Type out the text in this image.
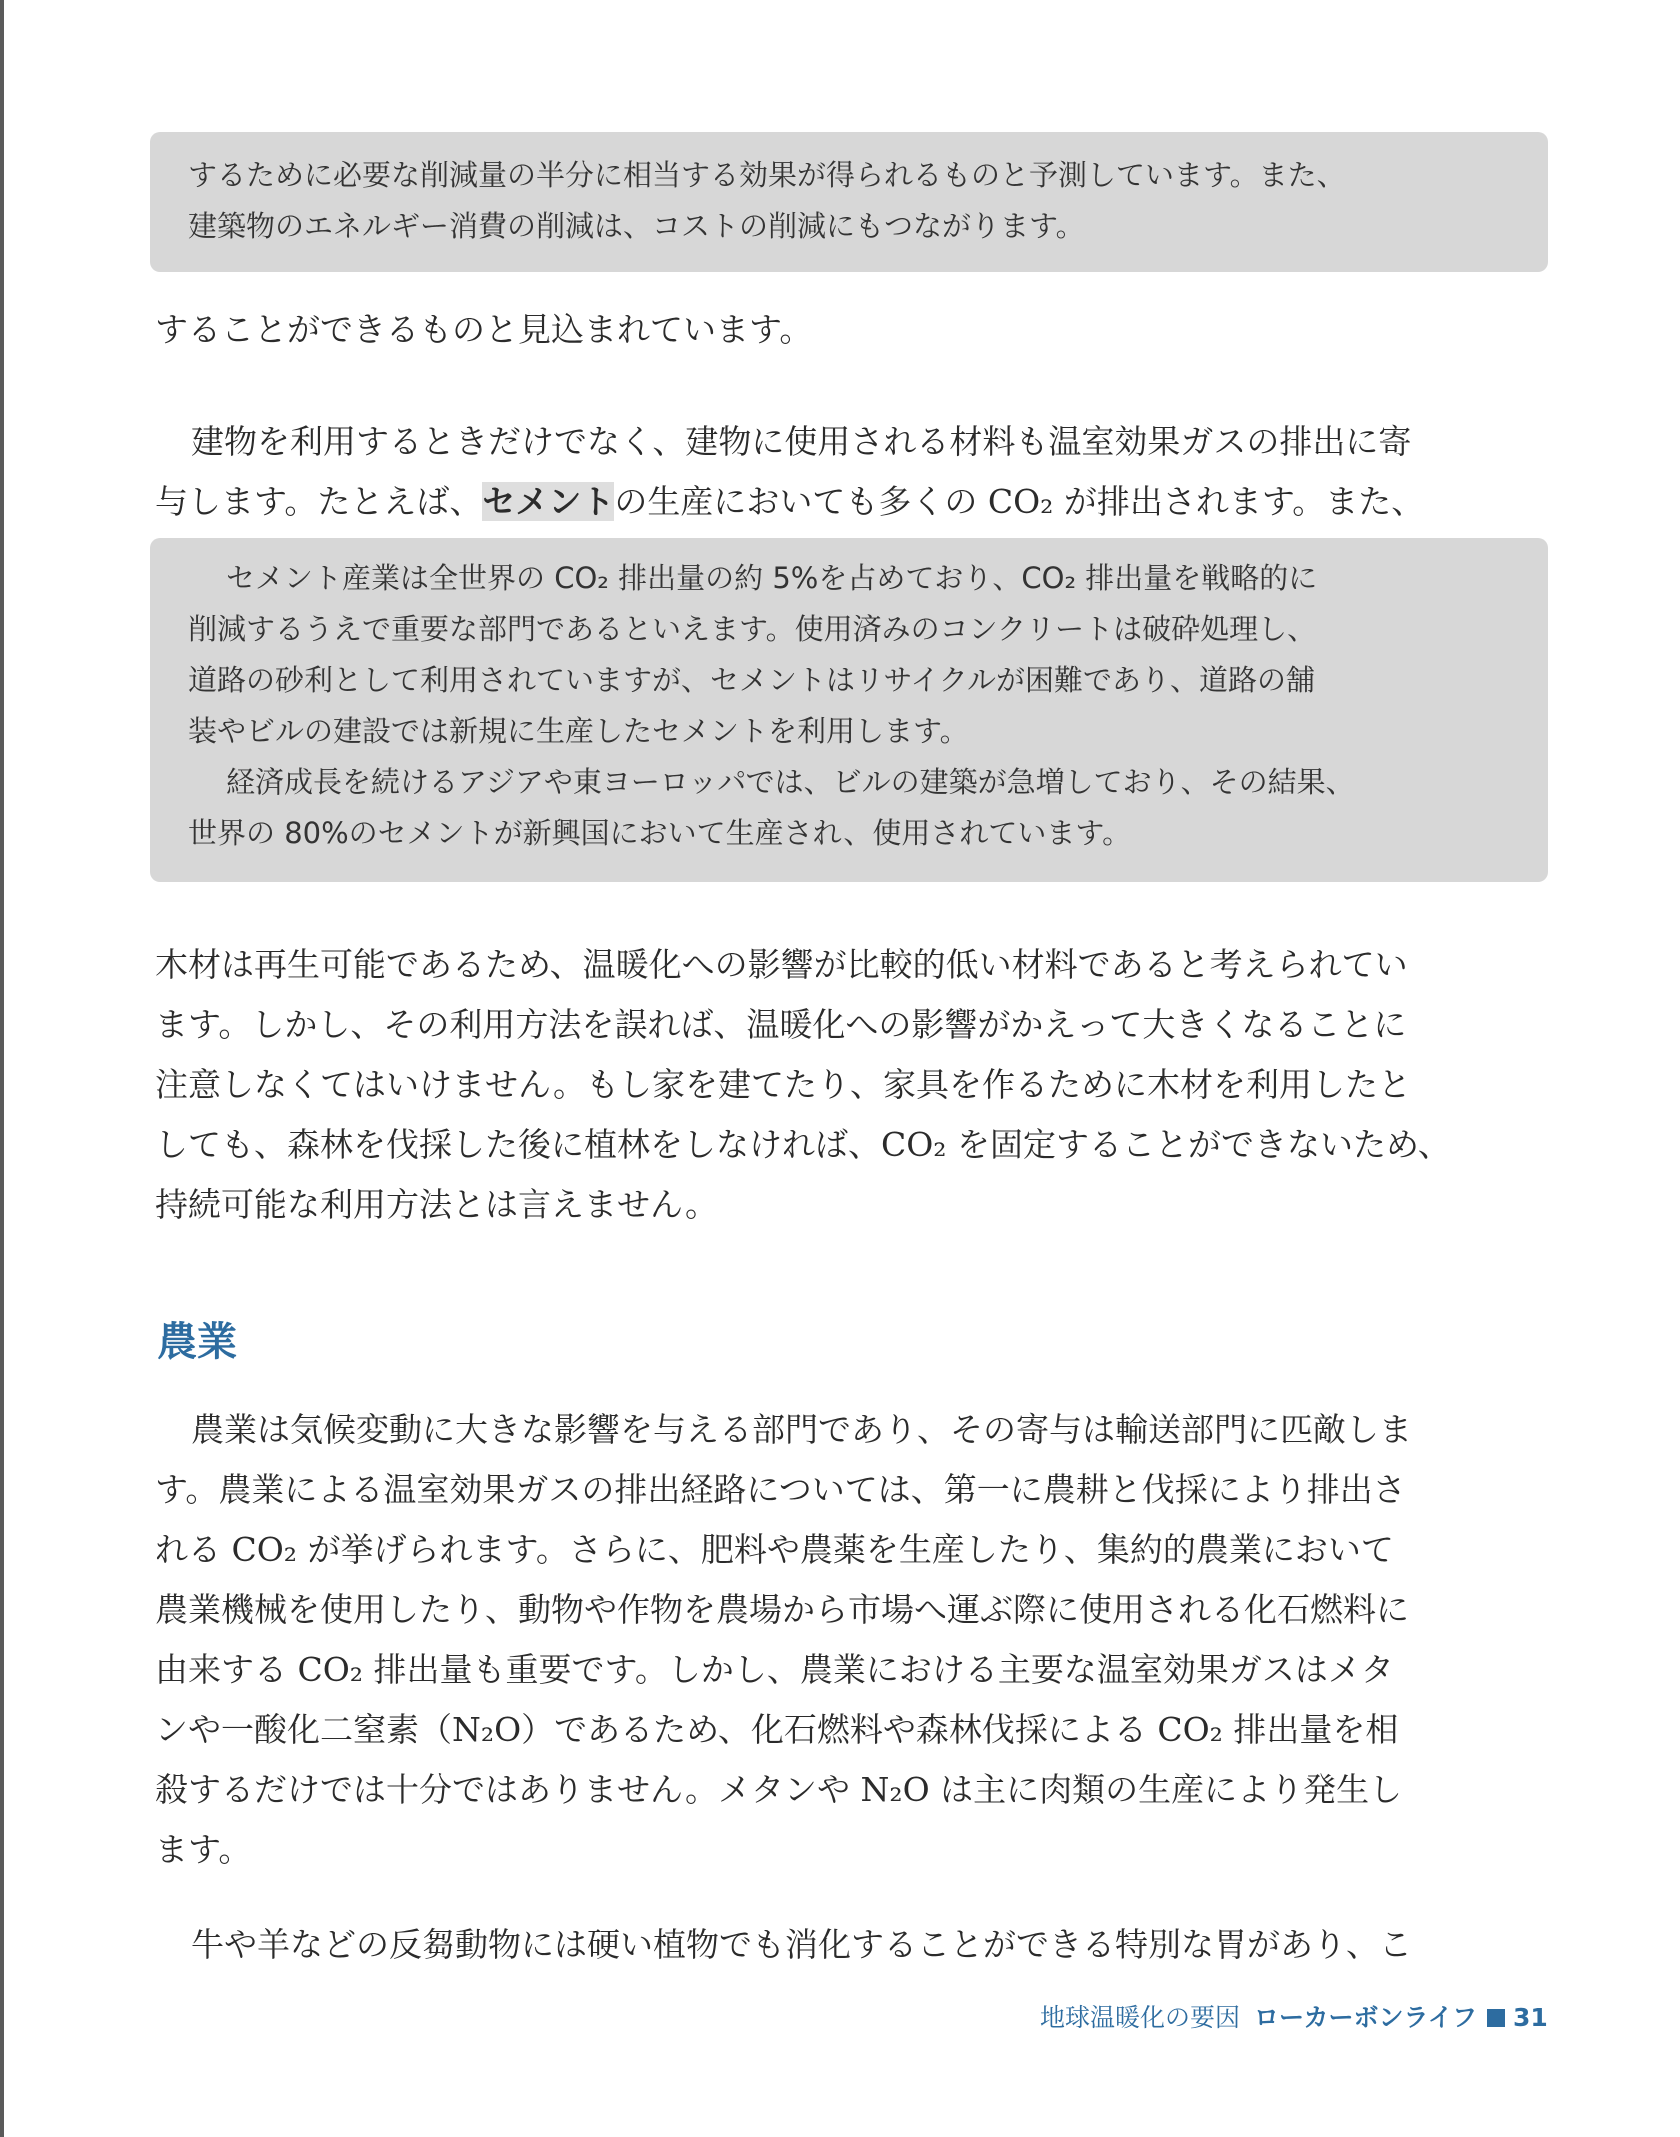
するために必要な削減量の半分に相当する効果が得られるものと予測しています。また、

建築物のエネルギー消費の削減は、コストの削減にもつながります。

することができるものと見込まれています。

建物を利用するときだけでなく、建物に使用される材料も温室効果ガスの排出に寄

与します。たとえば、セメントの生産においても多くの CO₂ が排出されます。また、

セメント産業は全世界の CO₂ 排出量の約 5%を占めており、CO₂ 排出量を戦略的に

削減するうえで重要な部門であるといえます。使用済みのコンクリートは破砕処理し、

道路の砂利として利用されていますが、セメントはリサイクルが困難であり、道路の舗

装やビルの建設では新規に生産したセメントを利用します。

経済成長を続けるアジアや東ヨーロッパでは、ビルの建築が急増しており、その結果、

世界の 80%のセメントが新興国において生産され、使用されています。

木材は再生可能であるため、温暖化への影響が比較的低い材料であると考えられてい

ます。しかし、その利用方法を誤れば、温暖化への影響がかえって大きくなることに

注意しなくてはいけません。もし家を建てたり、家具を作るために木材を利用したと

しても、森林を伐採した後に植林をしなければ、CO₂ を固定することができないため、

持続可能な利用方法とは言えません。

農業

農業は気候変動に大きな影響を与える部門であり、その寄与は輸送部門に匹敵しま

す。農業による温室効果ガスの排出経路については、第一に農耕と伐採により排出さ

れる CO₂ が挙げられます。さらに、肥料や農薬を生産したり、集約的農業において

農業機械を使用したり、動物や作物を農場から市場へ運ぶ際に使用される化石燃料に

由来する CO₂ 排出量も重要です。しかし、農業における主要な温室効果ガスはメタ

ンや一酸化二窒素（N₂O）であるため、化石燃料や森林伐採による CO₂ 排出量を相

殺するだけでは十分ではありません。メタンや N₂O は主に肉類の生産により発生し

ます。

牛や羊などの反芻動物には硬い植物でも消化することができる特別な胃があり、こ

地球温暖化の要因 ローカーボンライフ 31
